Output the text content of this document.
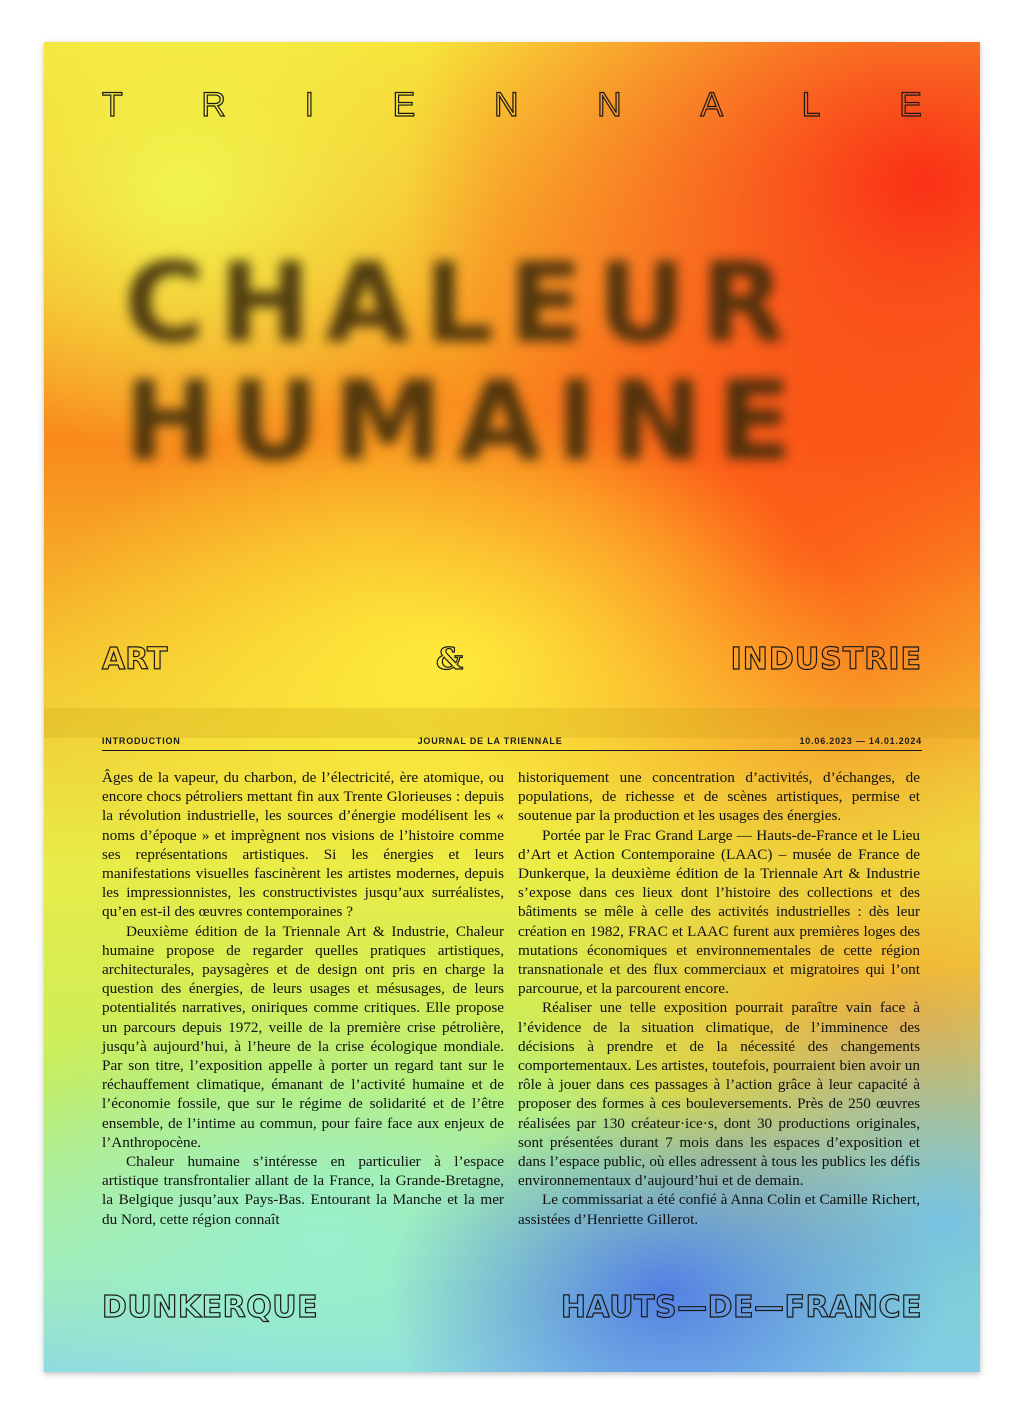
T R I E N N A L E
CHALEUR
HUMAINE
ART	&	INDUSTRIE
INTRODUCTION	JOURNAL DE LA TRIENNALE	10.06.2023 — 14.01.2024

Âges de la vapeur, du charbon, de l’électricité, ère atomique, ou encore chocs pétroliers mettant fin aux Trente Glorieuses : depuis la révolution industrielle, les sources d’énergie modélisent les « noms d’époque » et imprègnent nos visions de l’histoire comme ses représentations artistiques. Si les énergies et leurs manifestations visuelles fascinèrent les artistes modernes, depuis les impressionnistes, les constructivistes jusqu’aux surréalistes, qu’en est-il des œuvres contemporaines ?

Deuxième édition de la Triennale Art & Industrie, Chaleur humaine propose de regarder quelles pratiques artistiques, architecturales, paysagères et de design ont pris en charge la question des énergies, de leurs usages et mésusages, de leurs potentialités narratives, oniriques comme critiques. Elle propose un parcours depuis 1972, veille de la première crise pétrolière, jusqu’à aujourd’hui, à l’heure de la crise écologique mondiale. Par son titre, l’exposition appelle à porter un regard tant sur le réchauffement climatique, émanant de l’activité humaine et de l’économie fossile, que sur le régime de solidarité et de l’être ensemble, de l’intime au commun, pour faire face aux enjeux de l’Anthropocène.

Chaleur humaine s’intéresse en particulier à l’espace artistique transfrontalier allant de la France, la Grande-Bretagne, la Belgique jusqu’aux Pays-Bas. Entourant la Manche et la mer du Nord, cette région connaît

historiquement une concentration d’activités, d’échanges, de populations, de richesse et de scènes artistiques, permise et soutenue par la production et les usages des énergies.

Portée par le Frac Grand Large — Hauts-de-France et le Lieu d’Art et Action Contemporaine (LAAC) – musée de France de Dunkerque, la deuxième édition de la Triennale Art & Industrie s’expose dans ces lieux dont l’histoire des collections et des bâtiments se mêle à celle des activités industrielles : dès leur création en 1982, FRAC et LAAC furent aux premières loges des mutations économiques et environnementales de cette région transnationale et des flux commerciaux et migratoires qui l’ont parcourue, et la parcourent encore.

Réaliser une telle exposition pourrait paraître vain face à l’évidence de la situation climatique, de l’imminence des décisions à prendre et de la nécessité des changements comportementaux. Les artistes, toutefois, pourraient bien avoir un rôle à jouer dans ces passages à l’action grâce à leur capacité à proposer des formes à ces bouleversements. Près de 250 œuvres réalisées par 130 créateur·ice·s, dont 30 productions originales, sont présentées durant 7 mois dans les espaces d’exposition et dans l’espace public, où elles adressent à tous les publics les défis environnementaux d’aujourd’hui et de demain.

Le commissariat a été confié à Anna Colin et Camille Richert, assistées d’Henriette Gillerot.

DUNKERQUE	HAUTS—DE—FRANCE
